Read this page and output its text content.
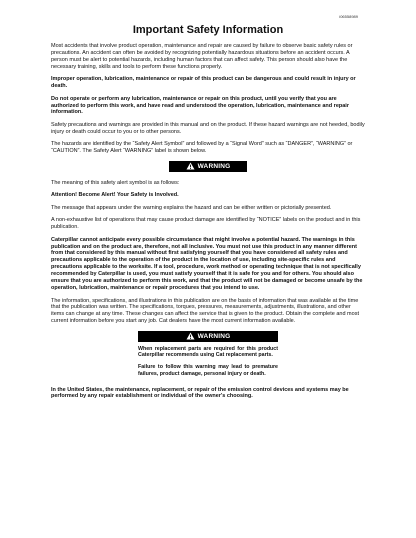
i06558989
Important Safety Information

Most accidents that involve product operation, maintenance and repair are caused by failure to observe basic safety rules or precautions. An accident can often be avoided by recognizing potentially hazardous situations before an accident occurs. A person must be alert to potential hazards, including human factors that can affect safety. This person should also have the necessary training, skills and tools to perform these functions properly.

Improper operation, lubrication, maintenance or repair of this product can be dangerous and could result in injury or death.

Do not operate or perform any lubrication, maintenance or repair on this product, until you verify that you are authorized to perform this work, and have read and understood the operation, lubrication, maintenance and repair information.

Safety precautions and warnings are provided in this manual and on the product. If these hazard warnings are not heeded, bodily injury or death could occur to you or to other persons.

The hazards are identified by the “Safety Alert Symbol” and followed by a “Signal Word” such as “DANGER”, “WARNING” or “CAUTION”. The Safety Alert “WARNING” label is shown below.

WARNING

The meaning of this safety alert symbol is as follows:

Attention! Become Alert! Your Safety is Involved.

The message that appears under the warning explains the hazard and can be either written or pictorially presented.

A non-exhaustive list of operations that may cause product damage are identified by “NOTICE” labels on the product and in this publication.

Caterpillar cannot anticipate every possible circumstance that might involve a potential hazard. The warnings in this publication and on the product are, therefore, not all inclusive. You must not use this product in any manner different from that considered by this manual without first satisfying yourself that you have considered all safety rules and precautions applicable to the operation of the product in the location of use, including site-specific rules and precautions applicable to the worksite. If a tool, procedure, work method or operating technique that is not specifically recommended by Caterpillar is used, you must satisfy yourself that it is safe for you and for others. You should also ensure that you are authorized to perform this work, and that the product will not be damaged or become unsafe by the operation, lubrication, maintenance or repair procedures that you intend to use.

The information, specifications, and illustrations in this publication are on the basis of information that was available at the time that the publication was written. The specifications, torques, pressures, measurements, adjustments, illustrations, and other items can change at any time. These changes can affect the service that is given to the product. Obtain the complete and most current information before you start any job. Cat dealers have the most current information available.

WARNING

When replacement parts are required for this product Caterpillar recommends using Cat replacement parts.

Failure to follow this warning may lead to premature failures, product damage, personal injury or death.

In the United States, the maintenance, replacement, or repair of the emission control devices and systems may be performed by any repair establishment or individual of the owner's choosing.
